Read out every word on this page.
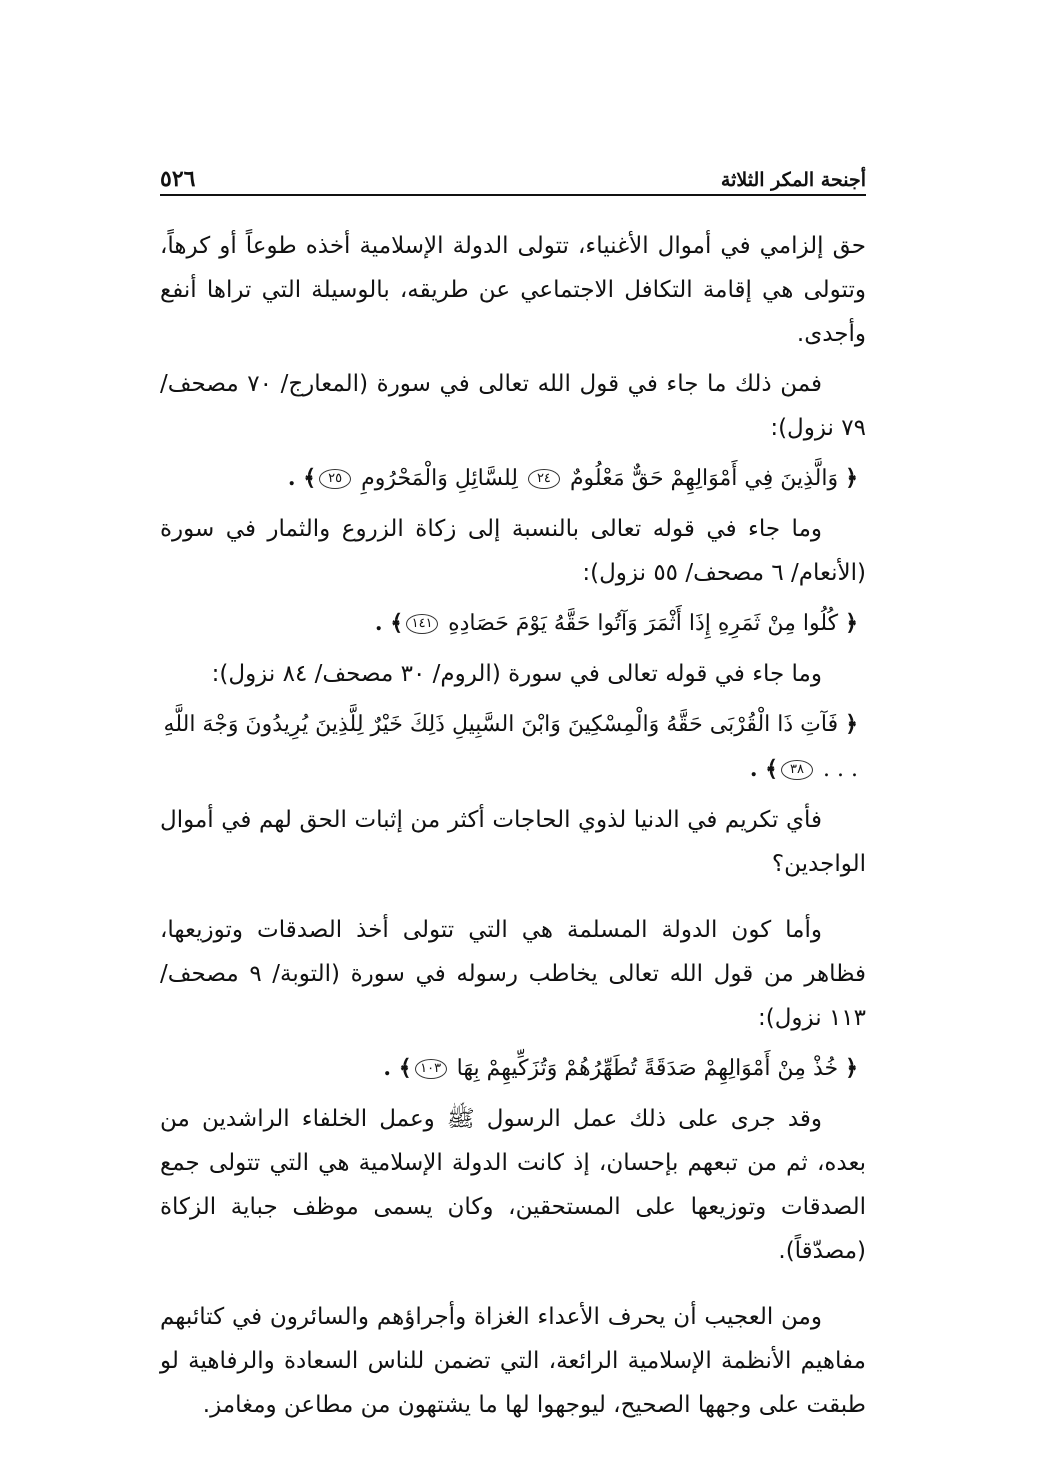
أجنحة المكر الثلاثة
٥٢٦

حق إلزامي في أموال الأغنياء، تتولى الدولة الإسلامية أخذه طوعاً أو كرهاً، وتتولى هي إقامة التكافل الاجتماعي عن طريقه، بالوسيلة التي تراها أنفع وأجدى.

فمن ذلك ما جاء في قول الله تعالى في سورة (المعارج/ ٧٠ مصحف/ ٧٩ نزول):

﴿ وَالَّذِينَ فِي أَمْوَالِهِمْ حَقٌّ مَعْلُومٌ ٢٤ لِلسَّائِلِ وَالْمَحْرُومِ ٢٥﴾ .

وما جاء في قوله تعالى بالنسبة إلى زكاة الزروع والثمار في سورة (الأنعام/ ٦ مصحف/ ٥٥ نزول):

﴿ كُلُوا مِنْ ثَمَرِهِ إِذَا أَثْمَرَ وَآتُوا حَقَّهُ يَوْمَ حَصَادِهِ ١٤١﴾ .

وما جاء في قوله تعالى في سورة (الروم/ ٣٠ مصحف/ ٨٤ نزول):

﴿ فَآتِ ذَا الْقُرْبَى حَقَّهُ وَالْمِسْكِينَ وَابْنَ السَّبِيلِ ذَلِكَ خَيْرٌ لِلَّذِينَ يُرِيدُونَ وَجْهَ اللَّهِ . . . ٣٨﴾ .

فأي تكريم في الدنيا لذوي الحاجات أكثر من إثبات الحق لهم في أموال الواجدين؟

وأما كون الدولة المسلمة هي التي تتولى أخذ الصدقات وتوزيعها، فظاهر من قول الله تعالى يخاطب رسوله في سورة (التوبة/ ٩ مصحف/ ١١٣ نزول):

﴿ خُذْ مِنْ أَمْوَالِهِمْ صَدَقَةً تُطَهِّرُهُمْ وَتُزَكِّيهِمْ بِهَا ١٠٣﴾ .

وقد جرى على ذلك عمل الرسول ﷺ وعمل الخلفاء الراشدين من بعده، ثم من تبعهم بإحسان، إذ كانت الدولة الإسلامية هي التي تتولى جمع الصدقات وتوزيعها على المستحقين، وكان يسمى موظف جباية الزكاة (مصدّقاً).

ومن العجيب أن يحرف الأعداء الغزاة وأجراؤهم والسائرون في كتائبهم مفاهيم الأنظمة الإسلامية الرائعة، التي تضمن للناس السعادة والرفاهية لو طبقت على وجهها الصحيح، ليوجهوا لها ما يشتهون من مطاعن ومغامز.
